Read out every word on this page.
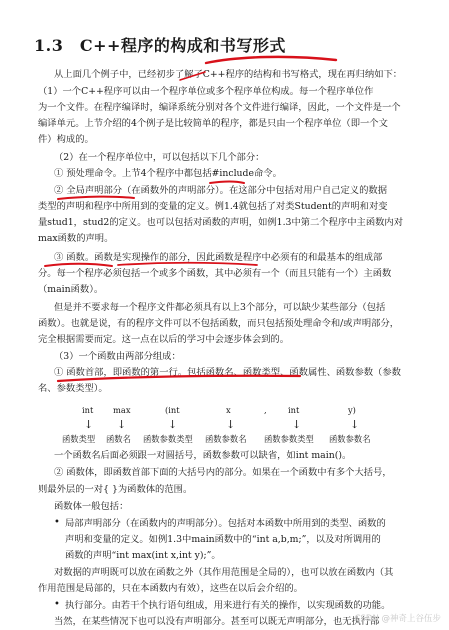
1.3　C++程序的构成和书写形式
从上面几个例子中，已经初步了解了C++程序的结构和书写格式，现在再归纳如下：
（1）一个C++程序可以由一个程序单位或多个程序单位构成。每一个程序单位作
为一个文件。在程序编译时，编译系统分别对各个文件进行编译，因此，一个文件是一个
编译单元。上节介绍的4个例子是比较简单的程序，都是只由一个程序单位（即一个文
件）构成的。
（2）在一个程序单位中，可以包括以下几个部分：
① 预处理命令。上节4个程序中都包括#include命令。
② 全局声明部分（在函数外的声明部分）。在这部分中包括对用户自己定义的数据
类型的声明和程序中所用到的变量的定义。例1.4就包括了对类Student的声明和对变
量stud1，stud2的定义。也可以包括对函数的声明，如例1.3中第二个程序中主函数内对
max函数的声明。
③ 函数。函数是实现操作的部分，因此函数是程序中必须有的和最基本的组成部
分。每一个程序必须包括一个或多个函数，其中必须有一个（而且只能有一个）主函数
（main函数）。
但是并不要求每一个程序文件都必须具有以上3个部分，可以缺少某些部分（包括
函数）。也就是说，有的程序文件可以不包括函数，而只包括预处理命令和/或声明部分，
完全根据需要而定。这一点在以后的学习中会逐步体会到的。
（3）一个函数由两部分组成：
① 函数首部，即函数的第一行。包括函数名、函数类型、函数属性、函数参数（参数
名、参数类型）。
int max	(int	x	,	int	y)
↓ ↓	↓	↓	↓	↓
函数类型 函数名 函数参数类型 函数参数名 函数参数类型 函数参数名
一个函数名后面必须跟一对圆括号，函数参数可以缺省，如int main()。
② 函数体，即函数首部下面的大括号内的部分。如果在一个函数中有多个大括号，
则最外层的一对{ }为函数体的范围。
函数体一般包括：
• 局部声明部分（在函数内的声明部分）。包括对本函数中所用到的类型、函数的
声明和变量的定义。如例1.3中main函数中的“int a,b,m;”，以及对所调用的
函数的声明“int max(int x,int y);”。
对数据的声明既可以放在函数之外（其作用范围是全局的），也可以放在函数内（其
作用范围是局部的，只在本函数内有效），这些在以后会介绍的。
• 执行部分。由若干个执行语句组成，用来进行有关的操作，以实现函数的功能。
当然，在某些情况下也可以没有声明部分。甚至可以既无声明部分，也无执行部
CSDN @神奇上谷伍步
